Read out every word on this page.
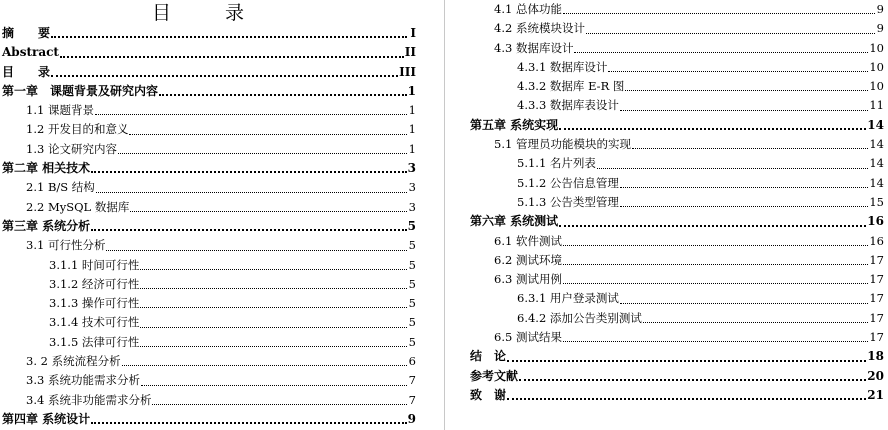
目 录
摘　　要	I
Abstract	II
目　　录	III
第一章　课题背景及研究内容	1
1.1 课题背景	1
1.2 开发目的和意义	1
1.3 论文研究内容	1
第二章 相关技术	3
2.1 B/S 结构	3
2.2 MySQL 数据库	3
第三章 系统分析	5
3.1 可行性分析	5
3.1.1 时间可行性	5
3.1.2 经济可行性	5
3.1.3 操作可行性	5
3.1.4 技术可行性	5
3.1.5 法律可行性	5
3. 2 系统流程分析	6
3.3 系统功能需求分析	7
3.4 系统非功能需求分析	7
第四章 系统设计	9
4.1 总体功能	9
4.2 系统模块设计	9
4.3 数据库设计	10
4.3.1 数据库设计	10
4.3.2 数据库 E-R 图	10
4.3.3 数据库表设计	11
第五章 系统实现	14
5.1 管理员功能模块的实现	14
5.1.1 名片列表	14
5.1.2 公告信息管理	14
5.1.3 公告类型管理	15
第六章 系统测试	16
6.1 软件测试	16
6.2 测试环境	17
6.3 测试用例	17
6.3.1 用户登录测试	17
6.4.2 添加公告类别测试	17
6.5 测试结果	17
结　论	18
参考文献	20
致　谢	21
